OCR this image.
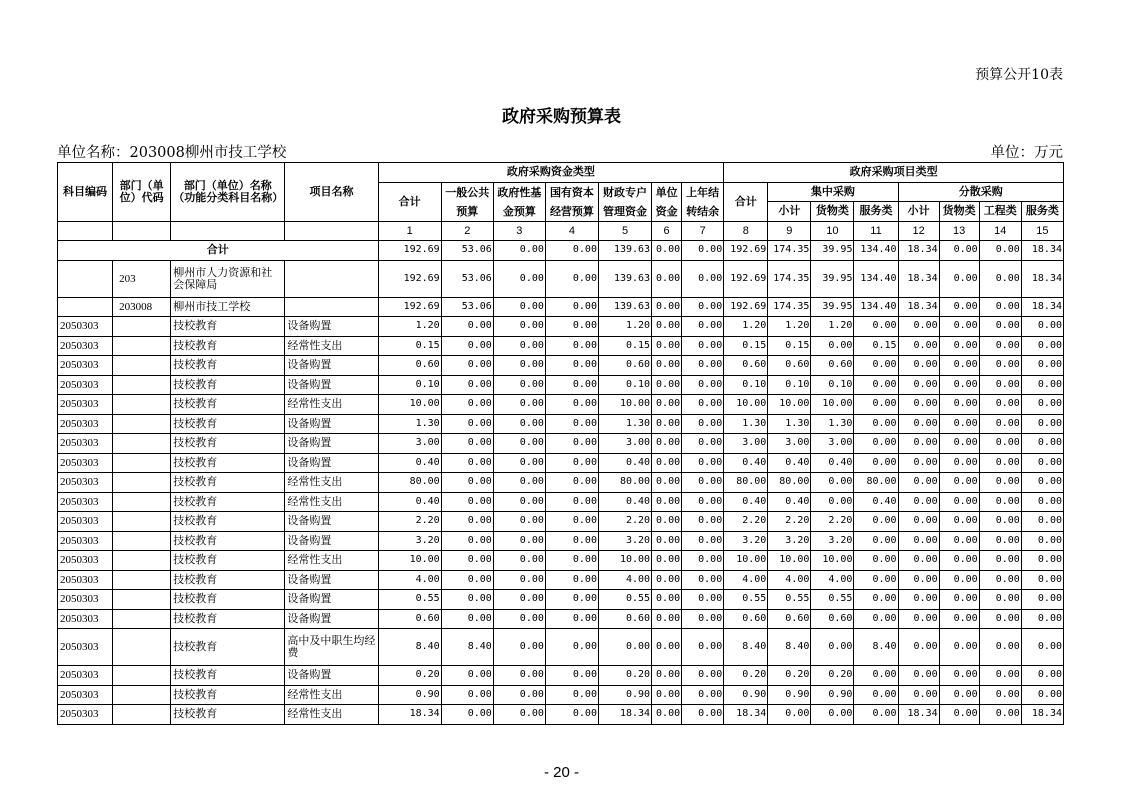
预算公开10表
政府采购预算表
单位名称：203008柳州市技工学校	单位：万元
科目编码	部门（单位）代码	部门（单位）名称（功能分类科目名称）	项目名称	政府采购资金类型							政府采购项目类型							
				合计	一般公共预算	政府性基金预算	国有资本经营预算	财政专户管理资金	单位资金	上年结转结余	合计	集中采购			分散采购			
												小计	货物类	服务类	小计	货物类	工程类	服务类
				1	2	3	4	5	6	7	8	9	10	11	12	13	14	15
合计				192.69	53.06	0.00	0.00	139.63	0.00	0.00	192.69	174.35	39.95	134.40	18.34	0.00	0.00	18.34
	203	柳州市人力资源和社会保障局		192.69	53.06	0.00	0.00	139.63	0.00	0.00	192.69	174.35	39.95	134.40	18.34	0.00	0.00	18.34
	203008	柳州市技工学校		192.69	53.06	0.00	0.00	139.63	0.00	0.00	192.69	174.35	39.95	134.40	18.34	0.00	0.00	18.34
2050303		技校教育	设备购置	1.20	0.00	0.00	0.00	1.20	0.00	0.00	1.20	1.20	1.20	0.00	0.00	0.00	0.00	0.00
2050303		技校教育	经常性支出	0.15	0.00	0.00	0.00	0.15	0.00	0.00	0.15	0.15	0.00	0.15	0.00	0.00	0.00	0.00
2050303		技校教育	设备购置	0.60	0.00	0.00	0.00	0.60	0.00	0.00	0.60	0.60	0.60	0.00	0.00	0.00	0.00	0.00
2050303		技校教育	设备购置	0.10	0.00	0.00	0.00	0.10	0.00	0.00	0.10	0.10	0.10	0.00	0.00	0.00	0.00	0.00
2050303		技校教育	经常性支出	10.00	0.00	0.00	0.00	10.00	0.00	0.00	10.00	10.00	10.00	0.00	0.00	0.00	0.00	0.00
2050303		技校教育	设备购置	1.30	0.00	0.00	0.00	1.30	0.00	0.00	1.30	1.30	1.30	0.00	0.00	0.00	0.00	0.00
2050303		技校教育	设备购置	3.00	0.00	0.00	0.00	3.00	0.00	0.00	3.00	3.00	3.00	0.00	0.00	0.00	0.00	0.00
2050303		技校教育	设备购置	0.40	0.00	0.00	0.00	0.40	0.00	0.00	0.40	0.40	0.40	0.00	0.00	0.00	0.00	0.00
2050303		技校教育	经常性支出	80.00	0.00	0.00	0.00	80.00	0.00	0.00	80.00	80.00	0.00	80.00	0.00	0.00	0.00	0.00
2050303		技校教育	经常性支出	0.40	0.00	0.00	0.00	0.40	0.00	0.00	0.40	0.40	0.00	0.40	0.00	0.00	0.00	0.00
2050303		技校教育	设备购置	2.20	0.00	0.00	0.00	2.20	0.00	0.00	2.20	2.20	2.20	0.00	0.00	0.00	0.00	0.00
2050303		技校教育	设备购置	3.20	0.00	0.00	0.00	3.20	0.00	0.00	3.20	3.20	3.20	0.00	0.00	0.00	0.00	0.00
2050303		技校教育	经常性支出	10.00	0.00	0.00	0.00	10.00	0.00	0.00	10.00	10.00	10.00	0.00	0.00	0.00	0.00	0.00
2050303		技校教育	设备购置	4.00	0.00	0.00	0.00	4.00	0.00	0.00	4.00	4.00	4.00	0.00	0.00	0.00	0.00	0.00
2050303		技校教育	设备购置	0.55	0.00	0.00	0.00	0.55	0.00	0.00	0.55	0.55	0.55	0.00	0.00	0.00	0.00	0.00
2050303		技校教育	设备购置	0.60	0.00	0.00	0.00	0.60	0.00	0.00	0.60	0.60	0.60	0.00	0.00	0.00	0.00	0.00
2050303		技校教育	高中及中职生均经费	8.40	8.40	0.00	0.00	0.00	0.00	0.00	8.40	8.40	0.00	8.40	0.00	0.00	0.00	0.00
2050303		技校教育	设备购置	0.20	0.00	0.00	0.00	0.20	0.00	0.00	0.20	0.20	0.20	0.00	0.00	0.00	0.00	0.00
2050303		技校教育	经常性支出	0.90	0.00	0.00	0.00	0.90	0.00	0.00	0.90	0.90	0.90	0.00	0.00	0.00	0.00	0.00
2050303		技校教育	经常性支出	18.34	0.00	0.00	0.00	18.34	0.00	0.00	18.34	0.00	0.00	0.00	18.34	0.00	0.00	18.34
- 20 -
